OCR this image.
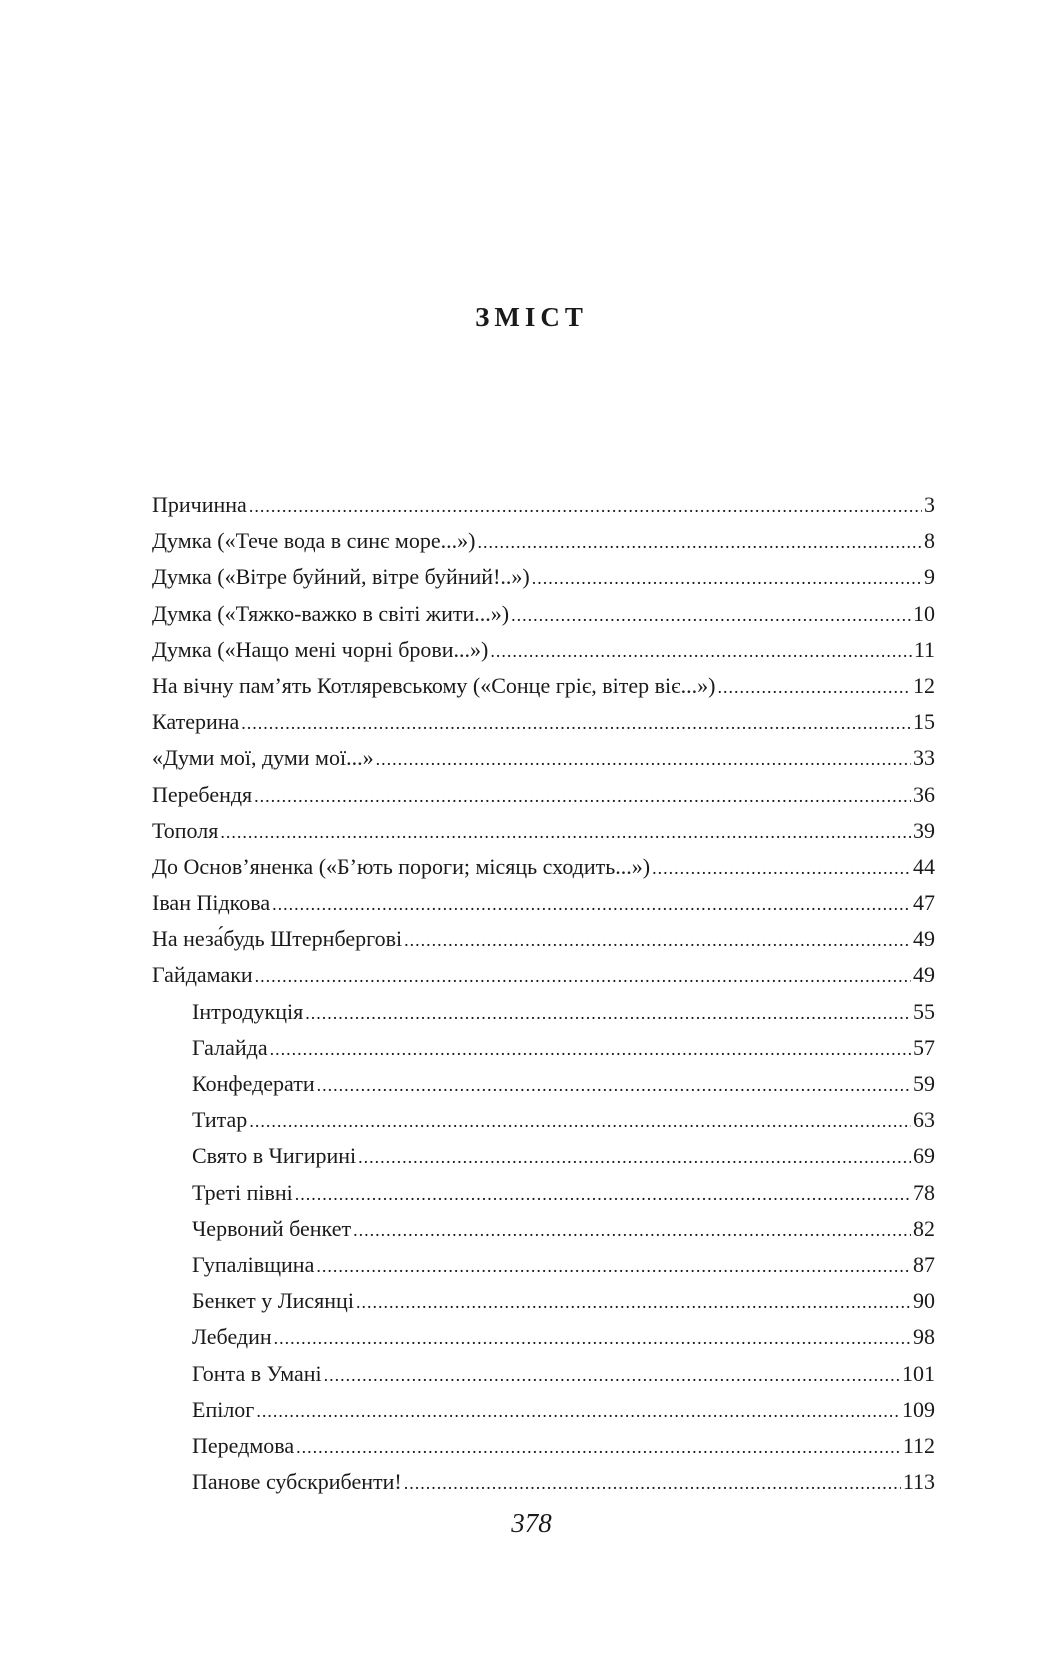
ЗМІСТ
Причинна .....	3
Думка («Тече вода в синє море...») .....	8
Думка («Вітре буйний, вітре буйний!..») .....	9
Думка («Тяжко-важко в світі жити...») .....	10
Думка («Нащо мені чорні брови...») .....	11
На вічну пам’ять Котляревському («Сонце гріє, вітер віє...») .....	12
Катерина .....	15
«Думи мої, думи мої...» .....	33
Перебендя .....	36
Тополя .....	39
До Основ’яненка («Б’ють пороги; місяць сходить...») .....	44
Іван Підкова .....	47
На неза́будь Штернбергові .....	49
Гайдамаки .....	49
Інтродукція .....	55
Галайда .....	57
Конфедерати .....	59
Титар .....	63
Свято в Чигирині .....	69
Треті півні .....	78
Червоний бенкет .....	82
Гупалівщина .....	87
Бенкет у Лисянці .....	90
Лебедин .....	98
Гонта в Умані .....	101
Епілог .....	109
Передмова .....	112
Панове субскрибенти! .....	113
378
